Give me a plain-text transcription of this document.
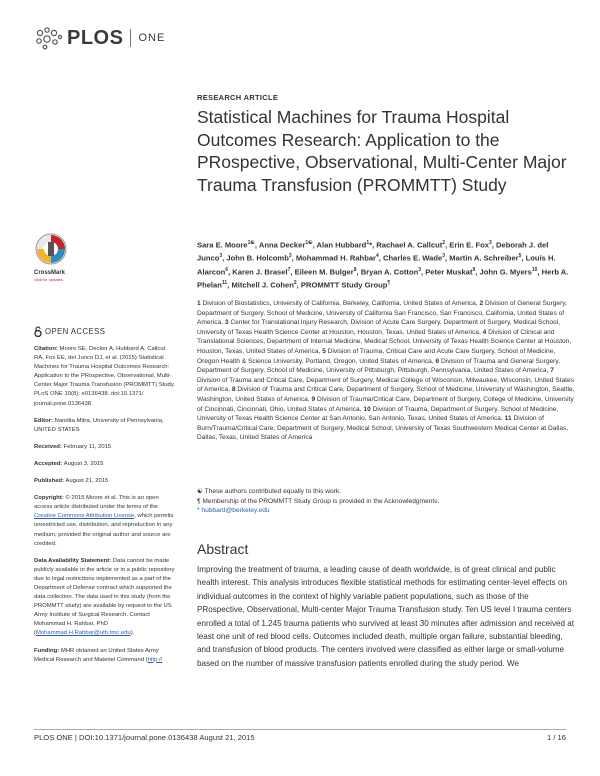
PLOS ONE
RESEARCH ARTICLE
Statistical Machines for Trauma Hospital Outcomes Research: Application to the PRospective, Observational, Multi-Center Major Trauma Transfusion (PROMMTT) Study
Sara E. Moore$^{1☯}$, Anna Decker$^{1☯}$, Alan Hubbard$^1$*, Rachael A. Callcut$^2$, Erin E. Fox$^3$, Deborah J. del Junco$^3$, John B. Holcomb$^3$, Mohammad H. Rahbar$^4$, Charles E. Wade$^3$, Martin A. Schreiber$^5$, Louis H. Alarcon$^6$, Karen J. Brasel$^7$, Eileen M. Bulger$^8$, Bryan A. Cotton$^3$, Peter Muskat$^9$, John G. Myers$^{10}$, Herb A. Phelan$^{11}$, Mitchell J. Cohen$^2$, PROMMTT Study Group¶
1 Division of Biostatistics, University of California, Berkeley, California, United States of America, 2 Division of General Surgery, Department of Surgery, School of Medicine, University of California San Francisco, San Francisco, California, United States of America, 3 Center for Translational Injury Research, Division of Acute Care Surgery, Department of Surgery, Medical School, University of Texas Health Science Center at Houston, Houston, Texas, United States of America, 4 Division of Clinical and Translational Sciences, Department of Internal Medicine, Medical School, University of Texas Health Science Center at Houston, Houston, Texas, United States of America, 5 Division of Trauma, Critical Care and Acute Care Surgery, School of Medicine, Oregon Health & Science University, Portland, Oregon, United States of America, 6 Division of Trauma and General Surgery, Department of Surgery, School of Medicine, University of Pittsburgh, Pittsburgh, Pennsylvania, United States of America, 7 Division of Trauma and Critical Care, Department of Surgery, Medical College of Wisconsin, Milwaukee, Wisconsin, United States of America, 8 Division of Trauma and Critical Care, Department of Surgery, School of Medicine, University of Washington, Seattle, Washington, United States of America, 9 Division of Trauma/Critical Care, Department of Surgery, College of Medicine, University of Cincinnati, Cincinnati, Ohio, United States of America, 10 Division of Trauma, Department of Surgery, School of Medicine, University of Texas Health Science Center at San Antonio, San Antonio, Texas, United States of America, 11 Division of Burn/Trauma/Critical Care, Department of Surgery, Medical School, University of Texas Southwestern Medical Center at Dallas, Dallas, Texas, United States of America
☯ These authors contributed equally to this work.
¶ Membership of the PROMMTT Study Group is provided in the Acknowledgments.
* hubbard@berkeley.edu
Abstract
Improving the treatment of trauma, a leading cause of death worldwide, is of great clinical and public health interest. This analysis introduces flexible statistical methods for estimating center-level effects on individual outcomes in the context of highly variable patient populations, such as those of the PRospective, Observational, Multi-center Major Trauma Transfusion study. Ten US level I trauma centers enrolled a total of 1,245 trauma patients who survived at least 30 minutes after admission and received at least one unit of red blood cells. Outcomes included death, multiple organ failure, substantial bleeding, and transfusion of blood products. The centers involved were classified as either large or small-volume based on the number of massive transfusion patients enrolled during the study period. We
CrossMark
click for updates
OPEN ACCESS
Citation: Moore SE, Decker A, Hubbard A, Callcut RA, Fox EE, del Junco DJ, et al. (2015) Statistical Machines for Trauma Hospital Outcomes Research: Application to the PRospective, Observational, Multi-Center Major Trauma Transfusion (PROMMTT) Study. PLoS ONE 10(8): e0136438. doi:10.1371/ journal.pone.0136438
Editor: Nandita Mitra, University of Pennsylvania, UNITED STATES
Received: February 11, 2015
Accepted: August 3, 2015
Published: August 21, 2015
Copyright: © 2015 Moore et al. This is an open access article distributed under the terms of the Creative Commons Attribution License, which permits unrestricted use, distribution, and reproduction in any medium, provided the original author and source are credited.
Data Availability Statement: Data cannot be made publicly available in the article or in a public repository due to legal restrictions implemented as a part of the Department of Defense contract which supported the data collection. The data used in this study (from the PROMMTT study) are available by request to the US Army Institute of Surgical Research. Contact Mohammad H. Rahbar, PhD (Mohammad.H.Rahbar@uth.tmc.edu).
Funding: MHR obtained an United States Army Medical Research and Materiel Command (http://
PLOS ONE | DOI:10.1371/journal.pone.0136438 August 21, 2015	1 / 16
